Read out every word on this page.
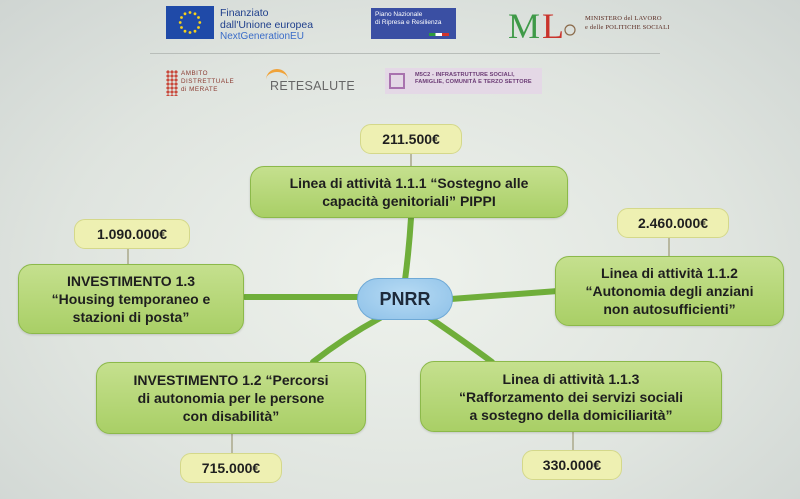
Finanziato
dall'Unione europea
NextGenerationEU
Piano Nazionale
di Ripresa e Resilienza M L	MINISTERO del LAVORO
e delle POLITICHE SOCIALI
AMBITO
DISTRETTUALE
di MERATE	RETESALUTE
M5C2 - INFRASTRUTTURE SOCIALI, FAMIGLIE, COMUNITÀ E TERZO SETTORE
211.500€
2.460.000€
330.000€
715.000€
1.090.000€
Linea di attività 1.1.1 “Sostegno alle
capacità genitoriali” PIPPI
Linea di attività 1.1.2
“Autonomia degli anziani
non autosufficienti”
Linea di attività 1.1.3
“Rafforzamento dei servizi sociali
a sostegno della domiciliarità”
INVESTIMENTO 1.2 “Percorsi
di autonomia per le persone
con disabilità”
INVESTIMENTO 1.3
“Housing temporaneo e
stazioni di posta”
PNRR
